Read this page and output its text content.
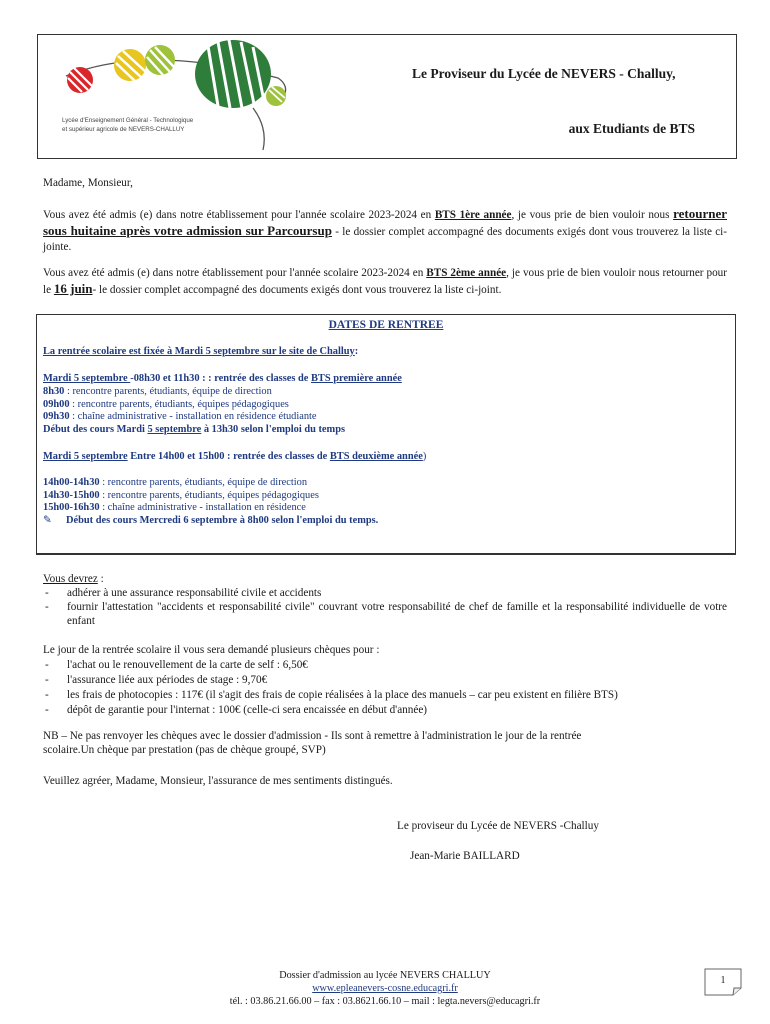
Lycée d'Enseignement Général - Technologique
et supérieur agricole de NEVERS-CHALLUY
Le Proviseur du Lycée de NEVERS - Challuy,
aux Etudiants de BTS
Madame, Monsieur,
Vous avez été admis (e) dans notre établissement pour l'année scolaire 2023-2024 en BTS 1ère année, je vous prie de bien vouloir nous retourner sous huitaine après votre admission sur Parcoursup - le dossier complet accompagné des documents exigés dont vous trouverez la liste ci-jointe.
Vous avez été admis (e) dans notre établissement pour l'année scolaire 2023-2024 en BTS 2ème année, je vous prie de bien vouloir nous retourner pour le 16 juin- le dossier complet accompagné des documents exigés dont vous trouverez la liste ci-joint.
DATES DE RENTREE
La rentrée scolaire est fixée à Mardi 5 septembre sur le site de Challuy:
Mardi 5 septembre -08h30 et 11h30 : : rentrée des classes de BTS première année
8h30 : rencontre parents, étudiants, équipe de direction
09h00 : rencontre parents, étudiants, équipes pédagogiques
09h30 : chaîne administrative - installation en résidence étudiante
Début des cours Mardi 5 septembre à 13h30 selon l'emploi du temps
Mardi 5 septembre Entre 14h00 et 15h00 : rentrée des classes de BTS deuxième année)
14h00-14h30 : rencontre parents, étudiants, équipe de direction
14h30-15h00 : rencontre parents, étudiants, équipes pédagogiques
15h00-16h30 : chaîne administrative - installation en résidence
✎ Début des cours Mercredi 6 septembre à 8h00 selon l'emploi du temps.
Vous devrez :
- adhérer à une assurance responsabilité civile et accidents
- fournir l'attestation "accidents et responsabilité civile" couvrant votre responsabilité de chef de famille et la responsabilité individuelle de votre enfant
Le jour de la rentrée scolaire il vous sera demandé plusieurs chèques pour :
- l'achat ou le renouvellement de la carte de self : 6,50€
- l'assurance liée aux périodes de stage : 9,70€
- les frais de photocopies : 117€ (il s'agit des frais de copie réalisées à la place des manuels – car peu existent en filière BTS)
- dépôt de garantie pour l'internat : 100€ (celle-ci sera encaissée en début d'année)
NB – Ne pas renvoyer les chèques avec le dossier d'admission - Ils sont à remettre à l'administration le jour de la rentrée
scolaire.Un chèque par prestation (pas de chèque groupé, SVP)
Veuillez agréer, Madame, Monsieur, l'assurance de mes sentiments distingués.
Le proviseur du Lycée de NEVERS -Challuy
Jean-Marie BAILLARD
Dossier d'admission au lycée NEVERS CHALLUY
www.epleanevers-cosne.educagri.fr
tél. : 03.86.21.66.00 – fax : 03.8621.66.10 – mail : legta.nevers@educagri.fr
1
